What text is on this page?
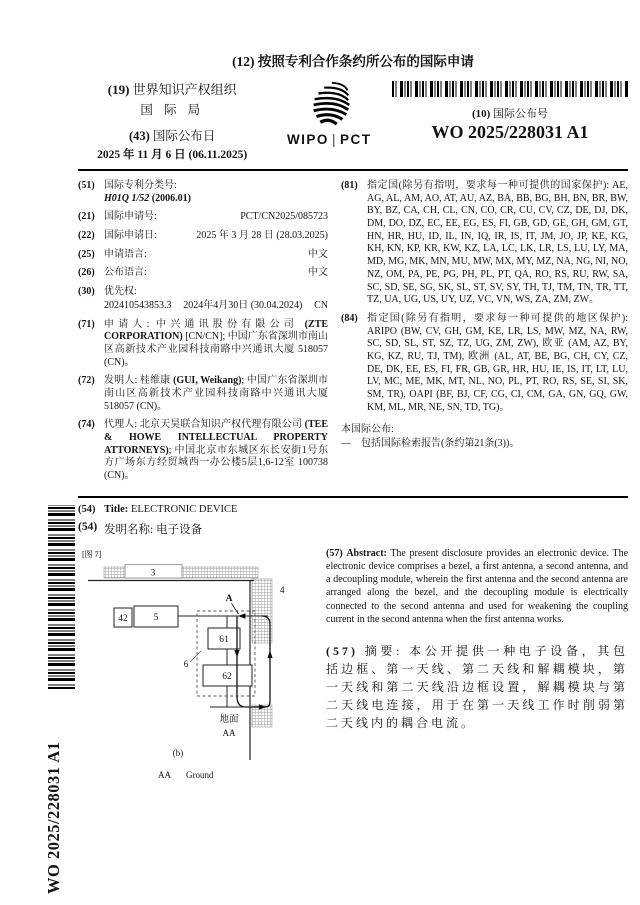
WO 2025/228031 A1
(12) 按照专利合作条约所公布的国际申请
(19) 世界知识产权组织
国 际 局
(43) 国际公布日
2025 年 11 月 6 日 (06.11.2025)
WIPO | PCT
(10) 国际公布号
WO 2025/228031 A1
(51) 国际专利分类号:
H01Q 1/52 (2006.01)
(21) 国际申请号:	PCT/CN2025/085723
(22) 国际申请日:	2025 年 3 月 28 日 (28.03.2025)
(25) 申请语言:	中文
(26) 公布语言:	中文
(30) 优先权:
202410543853.3 2024年4月30日 (30.04.2024) CN
(71) 申请人: 中兴通讯股份有限公司 (ZTE CORPORATION) [CN/CN]; 中国广东省深圳市南山区高新技术产业园科技南路中兴通讯大厦 518057 (CN)。
(72) 发明人: 桂维康 (GUI, Weikang); 中国广东省深圳市南山区高新技术产业园科技南路中兴通讯大厦 518057 (CN)。
(74) 代理人: 北京天昊联合知识产权代理有限公司 (TEE & HOWE INTELLECTUAL PROPERTY ATTORNEYS); 中国北京市东城区东长安街1号东方广场东方经贸城西一办公楼5层1,6-12室 100738 (CN)。
(81) 指定国(除另有指明，要求每一种可提供的国家保护): AE, AG, AL, AM, AO, AT, AU, AZ, BA, BB, BG, BH, BN, BR, BW, BY, BZ, CA, CH, CL, CN, CO, CR, CU, CV, CZ, DE, DJ, DK, DM, DO, DZ, EC, EE, EG, ES, FI, GB, GD, GE, GH, GM, GT, HN, HR, HU, ID, IL, IN, IQ, IR, IS, IT, JM, JO, JP, KE, KG, KH, KN, KP, KR, KW, KZ, LA, LC, LK, LR, LS, LU, LY, MA, MD, MG, MK, MN, MU, MW, MX, MY, MZ, NA, NG, NI, NO, NZ, OM, PA, PE, PG, PH, PL, PT, QA, RO, RS, RU, RW, SA, SC, SD, SE, SG, SK, SL, ST, SV, SY, TH, TJ, TM, TN, TR, TT, TZ, UA, UG, US, UY, UZ, VC, VN, WS, ZA, ZM, ZW。
(84) 指定国(除另有指明，要求每一种可提供的地区保护): ARIPO (BW, CV, GH, GM, KE, LR, LS, MW, MZ, NA, RW, SC, SD, SL, ST, SZ, TZ, UG, ZM, ZW), 欧亚 (AM, AZ, BY, KG, KZ, RU, TJ, TM), 欧洲 (AL, AT, BE, BG, CH, CY, CZ, DE, DK, EE, ES, FI, FR, GB, GR, HR, HU, IE, IS, IT, LT, LU, LV, MC, ME, MK, MT, NL, NO, PL, PT, RO, RS, SE, SI, SK, SM, TR), OAPI (BF, BJ, CF, CG, CI, CM, GA, GN, GQ, GW, KM, ML, MR, NE, SN, TD, TG)。
本国际公布:
—	包括国际检索报告(条约第21条(3))。
(54) Title: ELECTRONIC DEVICE
(54) 发明名称: 电子设备
[图 7]
3
4
6
42	5
61
62
A
地面
AA
(b)
AA Ground
(57) Abstract: The present disclosure provides an electronic device. The electronic device comprises a bezel, a first antenna, a second antenna, and a decoupling module, wherein the first antenna and the second antenna are arranged along the bezel, and the decoupling module is electrically connected to the second antenna and used for weakening the coupling current in the second antenna when the first antenna works.
(57) 摘要: 本公开提供一种电子设备，其包括边框、第一天线、第二天线和解耦模块，第一天线和第二天线沿边框设置，解耦模块与第二天线电连接，用于在第一天线工作时削弱第二天线内的耦合电流。
